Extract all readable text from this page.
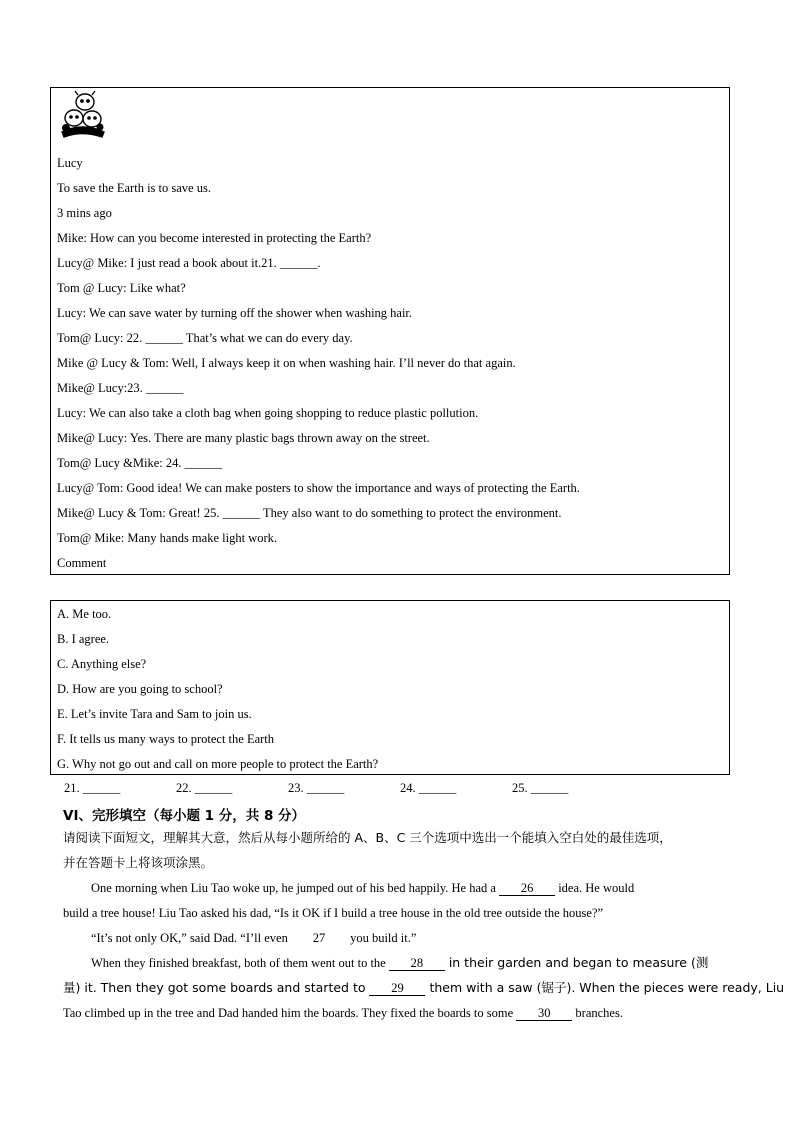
Lucy
To save the Earth is to save us.
3 mins ago
Mike: How can you become interested in protecting the Earth?
Lucy@ Mike: I just read a book about it.21. ______.
Tom @ Lucy: Like what?
Lucy: We can save water by turning off the shower when washing hair.
Tom@ Lucy: 22. ______ That’s what we can do every day.
Mike @ Lucy & Tom: Well, I always keep it on when washing hair. I’ll never do that again.
Mike@ Lucy:23. ______
Lucy: We can also take a cloth bag when going shopping to reduce plastic pollution.
Mike@ Lucy: Yes. There are many plastic bags thrown away on the street.
Tom@ Lucy &Mike: 24. ______
Lucy@ Tom: Good idea! We can make posters to show the importance and ways of protecting the Earth.
Mike@ Lucy & Tom: Great! 25. ______ They also want to do something to protect the environment.
Tom@ Mike: Many hands make light work.
Comment
A. Me too.
B. I agree.
C. Anything else?
D. How are you going to school?
E. Let’s invite Tara and Sam to join us.
F. It tells us many ways to protect the Earth
G. Why not go out and call on more people to protect the Earth?
21. ______	22. ______	23. ______	24. ______	25. ______
VI、完形填空（每小题 1 分，共 8 分）
请阅读下面短文，理解其大意，然后从每小题所给的 A、B、C 三个选项中选出一个能填入空白处的最佳选项，
并在答题卡上将该项涂黑。
One morning when Liu Tao woke up, he jumped out of his bed happily. He had a 26 idea. He would
build a tree house! Liu Tao asked his dad, “Is it OK if I build a tree house in the old tree outside the house?”
“It’s not only OK,” said Dad. “I’ll even 27 you build it.”
When they finished breakfast, both of them went out to the 28 in their garden and began to measure (测
量) it. Then they got some boards and started to 29 them with a saw (锯子). When the pieces were ready, Liu
Tao climbed up in the tree and Dad handed him the boards. They fixed the boards to some 30 branches.
